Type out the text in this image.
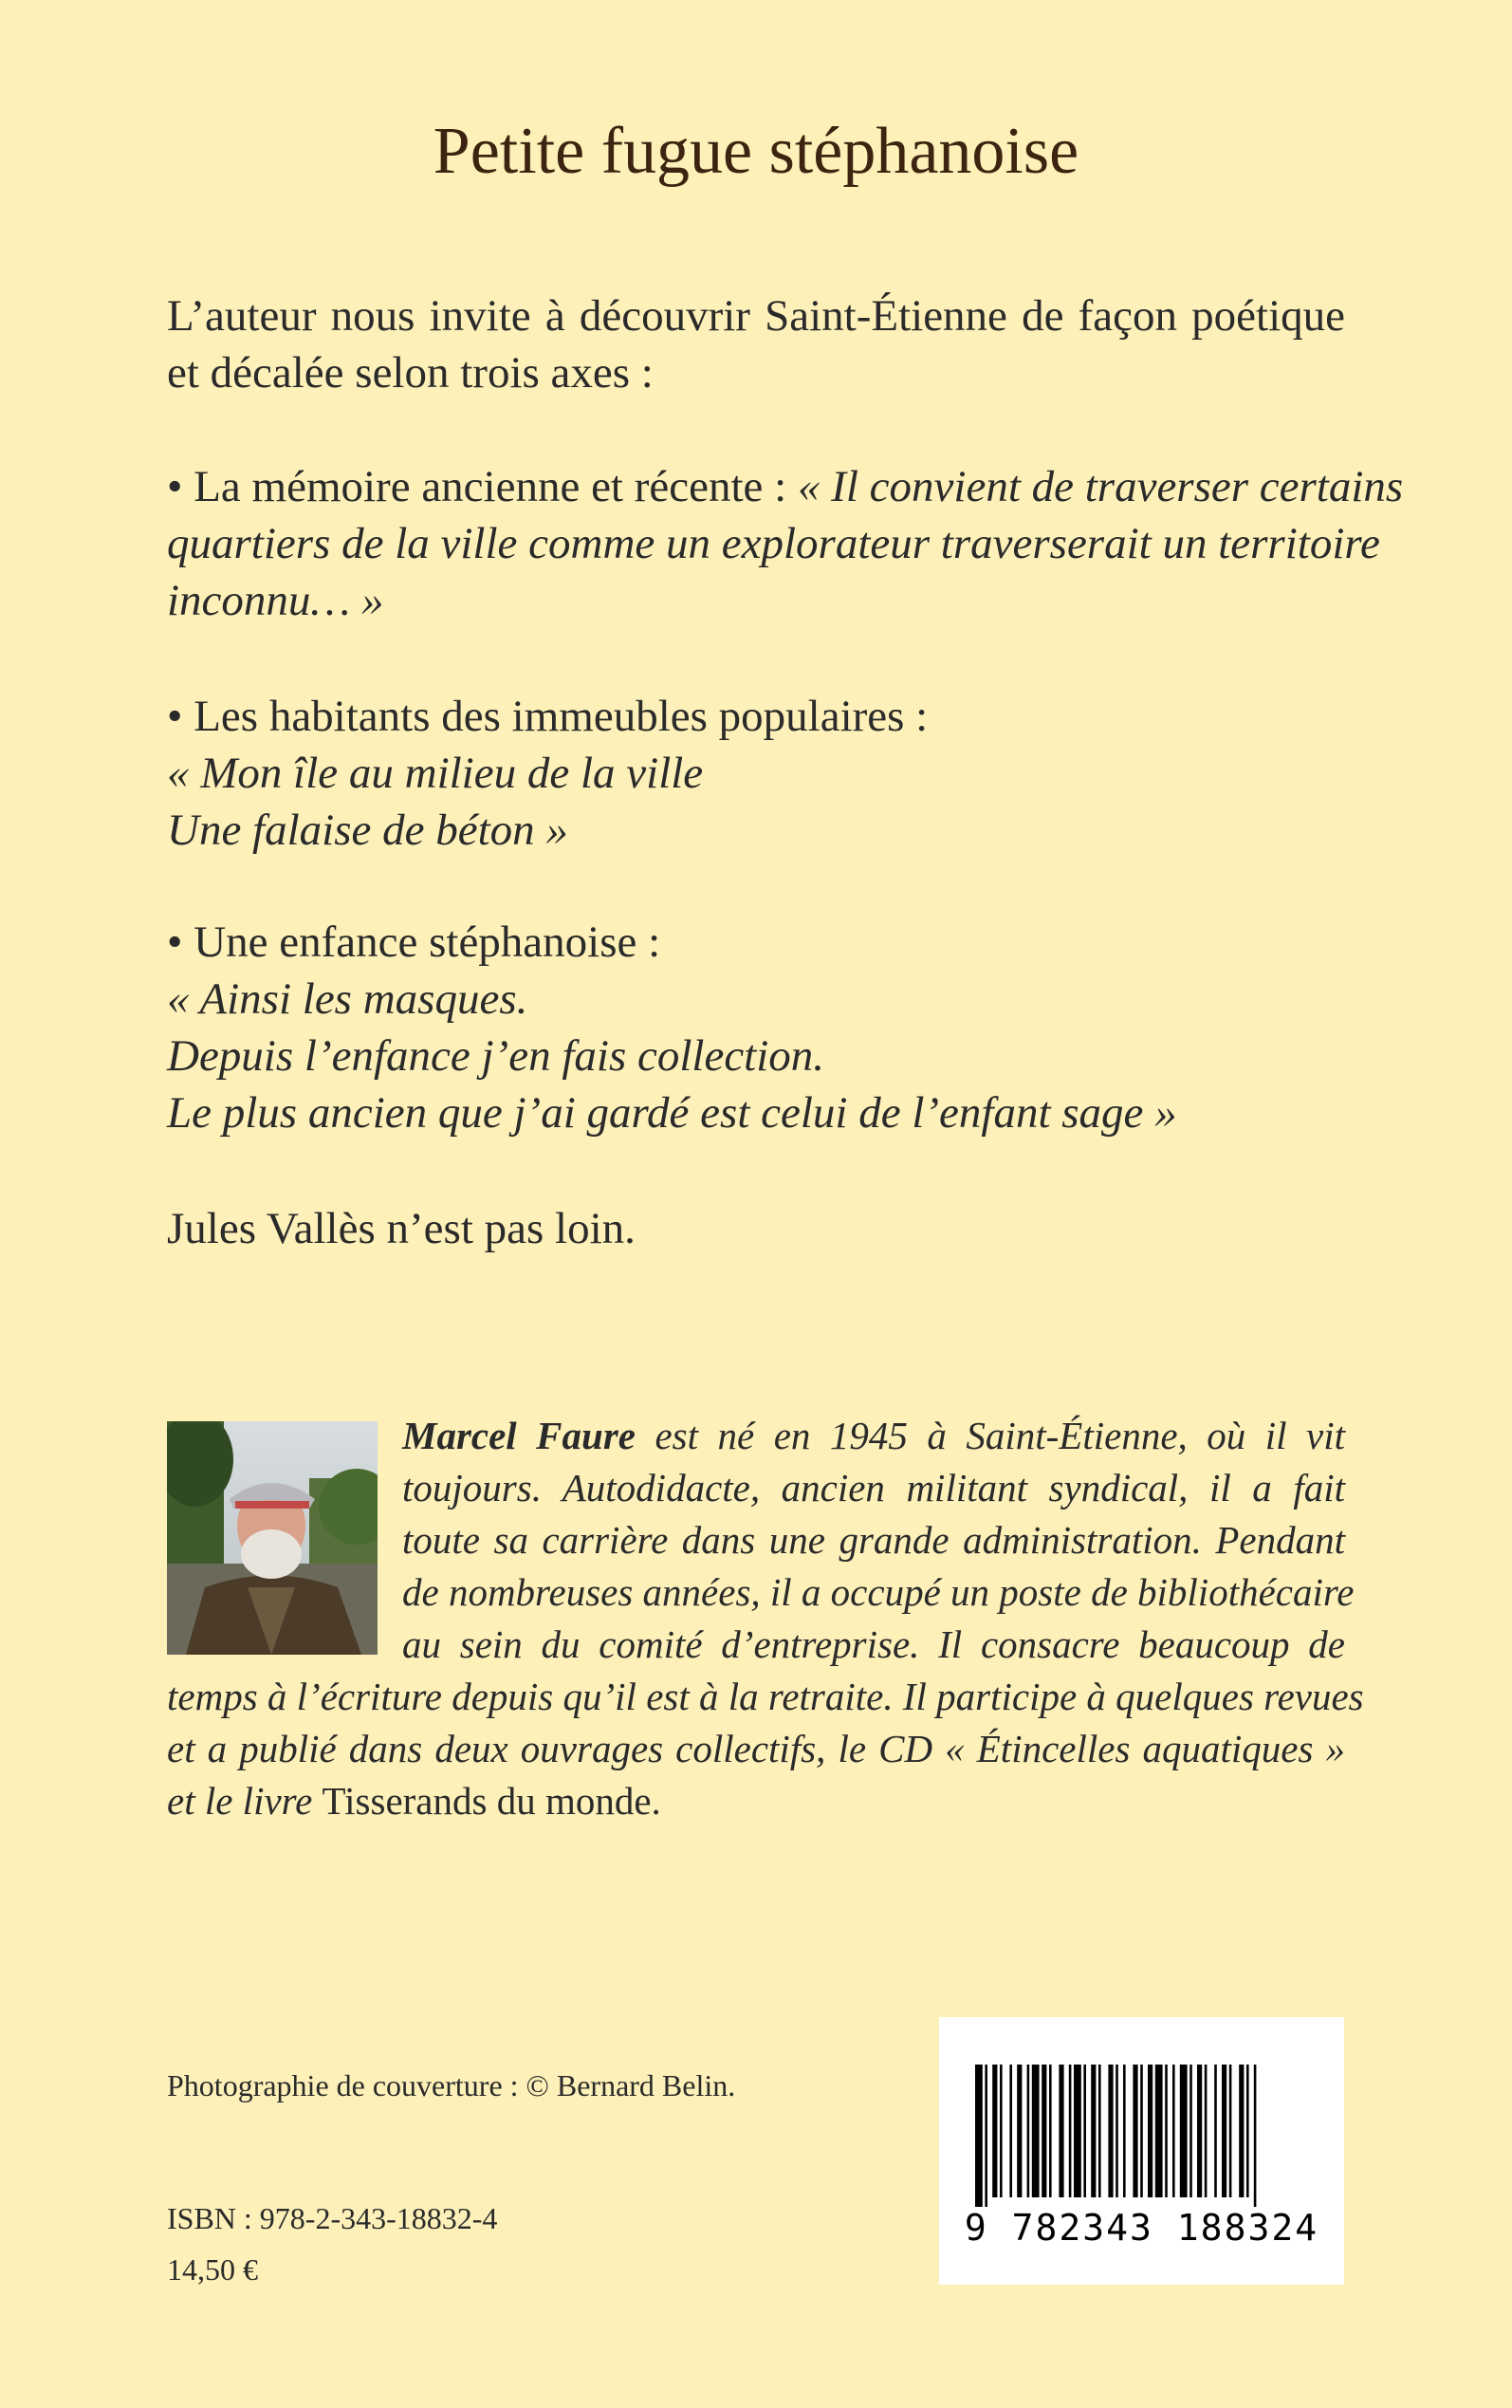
Petite fugue stéphanoise
L’auteur nous invite à découvrir Saint-Étienne de façon poétique
et décalée selon trois axes :
• La mémoire ancienne et récente : « Il convient de traverser certains
quartiers de la ville comme un explorateur traverserait un territoire
inconnu… »
• Les habitants des immeubles populaires :
« Mon île au milieu de la ville
Une falaise de béton »
• Une enfance stéphanoise :
« Ainsi les masques.
Depuis l’enfance j’en fais collection.
Le plus ancien que j’ai gardé est celui de l’enfant sage »
Jules Vallès n’est pas loin.
Marcel Faure est né en 1945 à Saint-Étienne, où il vit
toujours. Autodidacte, ancien militant syndical, il a fait
toute sa carrière dans une grande administration. Pendant
de nombreuses années, il a occupé un poste de bibliothécaire
au sein du comité d’entreprise. Il consacre beaucoup de
temps à l’écriture depuis qu’il est à la retraite. Il participe à quelques revues
et a publié dans deux ouvrages collectifs, le CD « Étincelles aquatiques »
et le livre Tisserands du monde.
Photographie de couverture : © Bernard Belin.
ISBN : 978-2-343-18832-4
14,50 €
9 782343 188324
